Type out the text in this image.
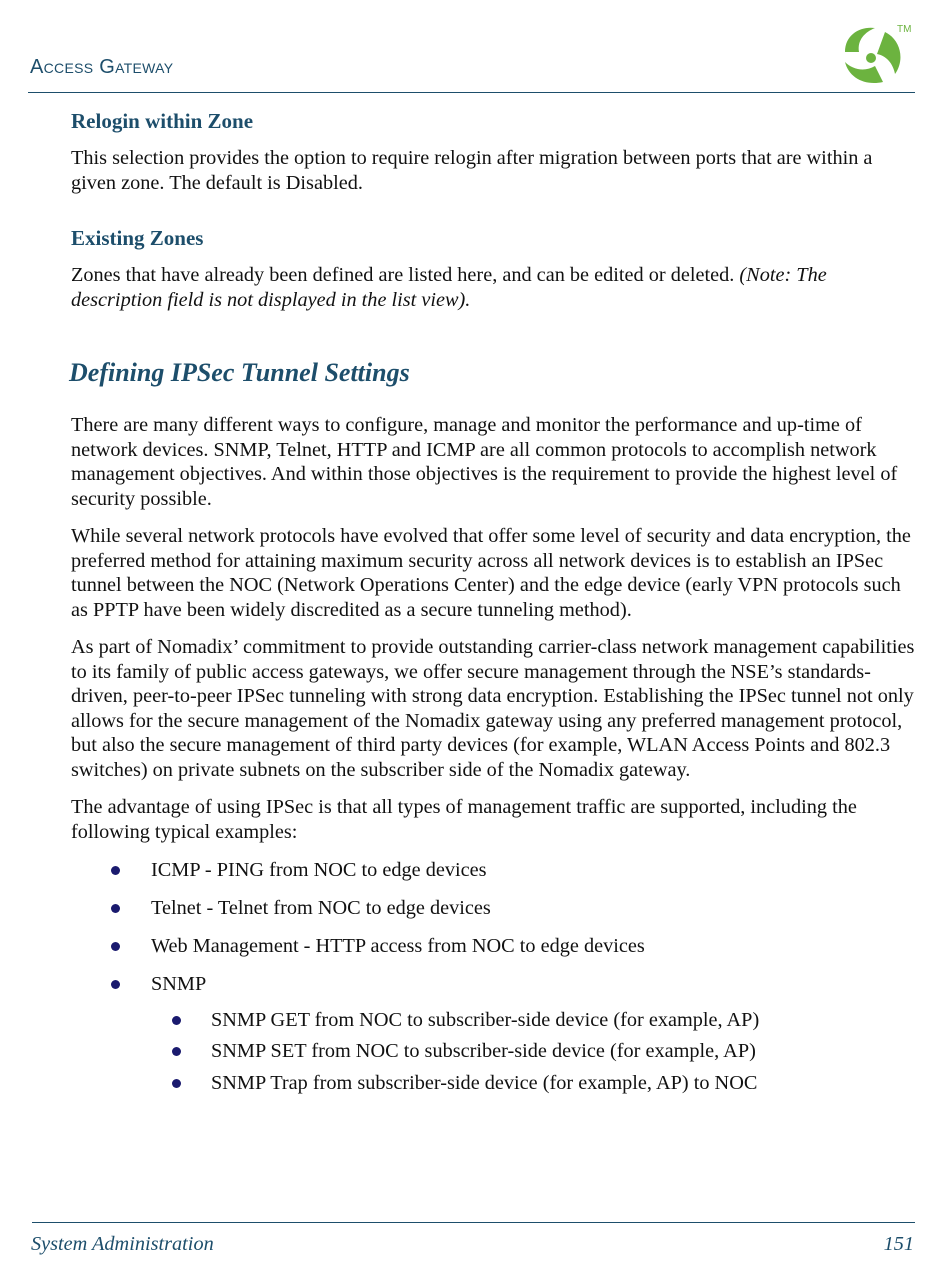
Access Gateway
TM
Relogin within Zone

This selection provides the option to require relogin after migration between ports that are within a given zone. The default is Disabled.

Existing Zones

Zones that have already been defined are listed here, and can be edited or deleted. (Note: The description field is not displayed in the list view).

Defining IPSec Tunnel Settings

There are many different ways to configure, manage and monitor the performance and up-time of network devices. SNMP, Telnet, HTTP and ICMP are all common protocols to accomplish network management objectives. And within those objectives is the requirement to provide the highest level of security possible.

While several network protocols have evolved that offer some level of security and data encryption, the preferred method for attaining maximum security across all network devices is to establish an IPSec tunnel between the NOC (Network Operations Center) and the edge device (early VPN protocols such as PPTP have been widely discredited as a secure tunneling method).

As part of Nomadix’ commitment to provide outstanding carrier-class network management capabilities to its family of public access gateways, we offer secure management through the NSE’s standards-driven, peer-to-peer IPSec tunneling with strong data encryption. Establishing the IPSec tunnel not only allows for the secure management of the Nomadix gateway using any preferred management protocol, but also the secure management of third party devices (for example, WLAN Access Points and 802.3 switches) on private subnets on the subscriber side of the Nomadix gateway.

The advantage of using IPSec is that all types of management traffic are supported, including the following typical examples:

ICMP - PING from NOC to edge devices
Telnet - Telnet from NOC to edge devices
Web Management - HTTP access from NOC to edge devices
SNMP
SNMP GET from NOC to subscriber-side device (for example, AP)
SNMP SET from NOC to subscriber-side device (for example, AP)
SNMP Trap from subscriber-side device (for example, AP) to NOC
System Administration	151
